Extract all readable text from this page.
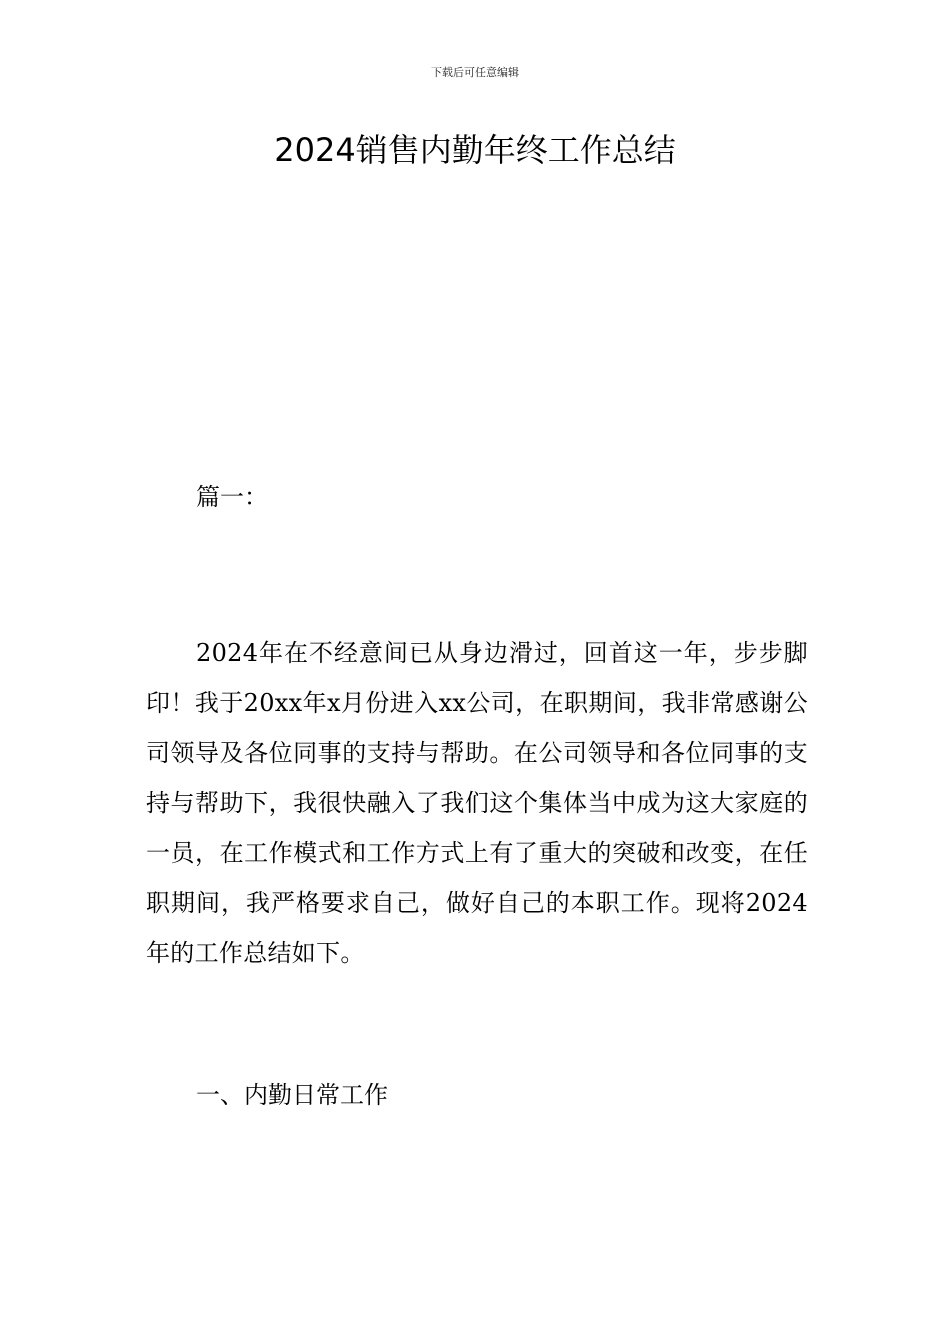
下载后可任意编辑
2024销售内勤年终工作总结
篇一：
2024年在不经意间已从身边滑过，回首这一年，步步脚印！我于20xx年x月份进入xx公司，在职期间，我非常感谢公司领导及各位同事的支持与帮助。在公司领导和各位同事的支持与帮助下，我很快融入了我们这个集体当中成为这大家庭的一员，在工作模式和工作方式上有了重大的突破和改变，在任职期间，我严格要求自己，做好自己的本职工作。现将2024年的工作总结如下。
一、内勤日常工作
